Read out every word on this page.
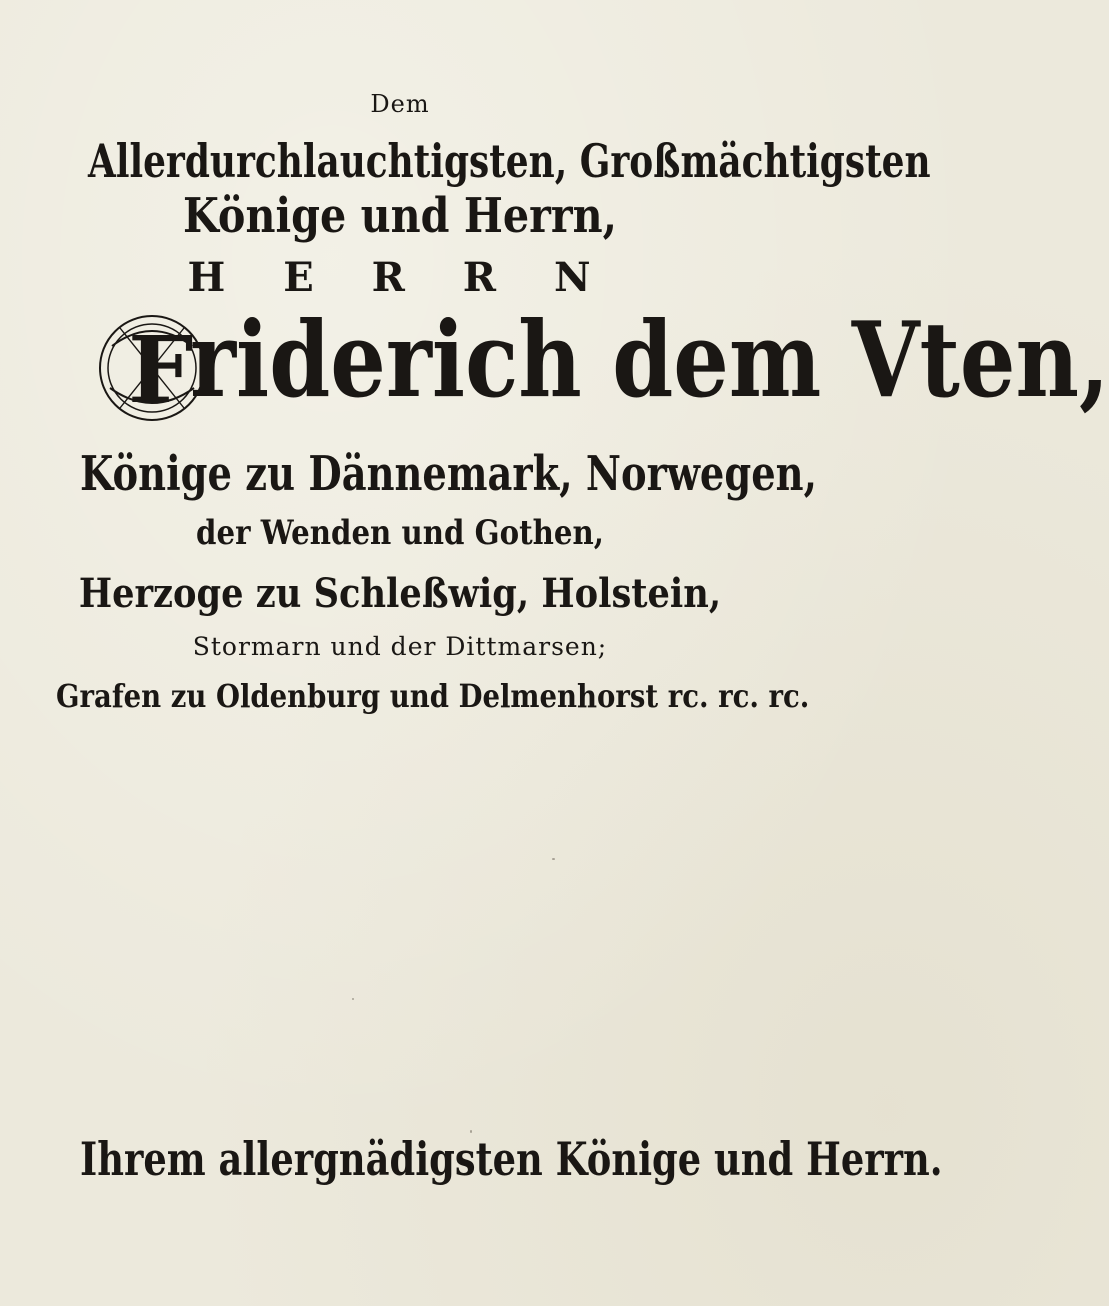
Dem
Allerdurchlauchtigsten, Großmächtigsten
Könige und Herrn,
H E R R N
F
riderich dem Vten,
Könige zu Dännemark, Norwegen,
der Wenden und Gothen,
Herzoge zu Schleßwig, Holstein,
Stormarn und der Dittmarsen;
Grafen zu Oldenburg und Delmenhorst rc. rc. rc.
Ihrem allergnädigsten Könige und Herrn.
